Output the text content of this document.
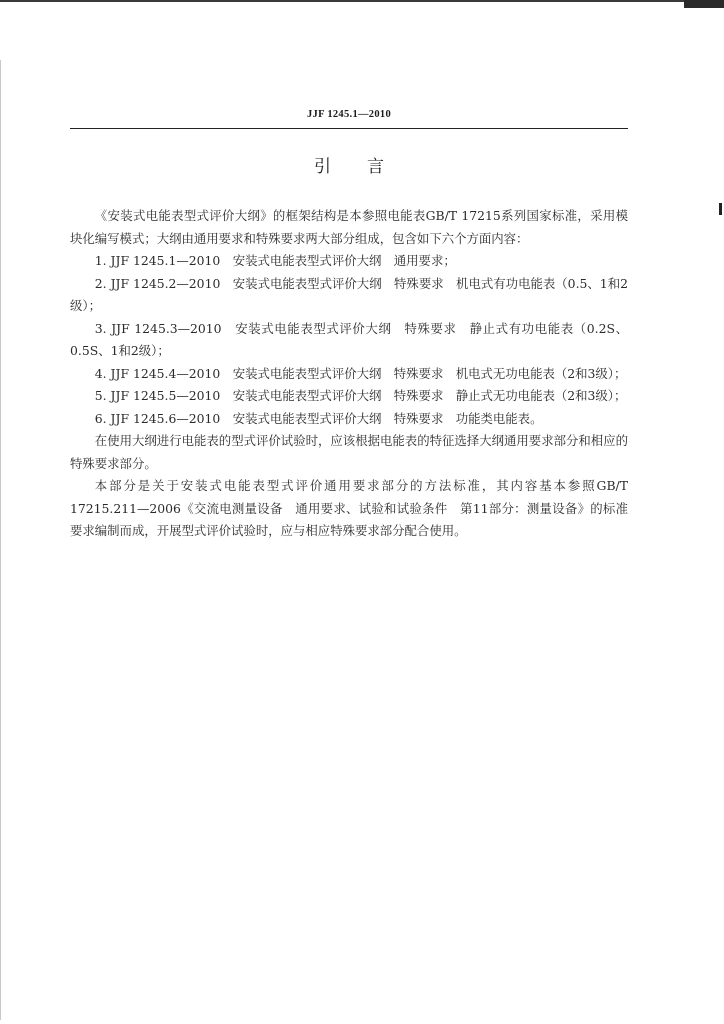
JJF 1245.1—2010
引言

《安装式电能表型式评价大纲》的框架结构是本参照电能表GB/T 17215系列国家标准，采用模块化编写模式；大纲由通用要求和特殊要求两大部分组成，包含如下六个方面内容：

1. JJF 1245.1—2010　安装式电能表型式评价大纲　通用要求；

2. JJF 1245.2—2010　安装式电能表型式评价大纲　特殊要求　机电式有功电能表（0.5、1和2级）；

3. JJF 1245.3—2010　安装式电能表型式评价大纲　特殊要求　静止式有功电能表（0.2S、0.5S、1和2级）；

4. JJF 1245.4—2010　安装式电能表型式评价大纲　特殊要求　机电式无功电能表（2和3级）；

5. JJF 1245.5—2010　安装式电能表型式评价大纲　特殊要求　静止式无功电能表（2和3级）；

6. JJF 1245.6—2010　安装式电能表型式评价大纲　特殊要求　功能类电能表。

在使用大纲进行电能表的型式评价试验时，应该根据电能表的特征选择大纲通用要求部分和相应的特殊要求部分。

本部分是关于安装式电能表型式评价通用要求部分的方法标准，其内容基本参照GB/T 17215.211—2006《交流电测量设备　通用要求、试验和试验条件　第11部分：测量设备》的标准要求编制而成，开展型式评价试验时，应与相应特殊要求部分配合使用。
